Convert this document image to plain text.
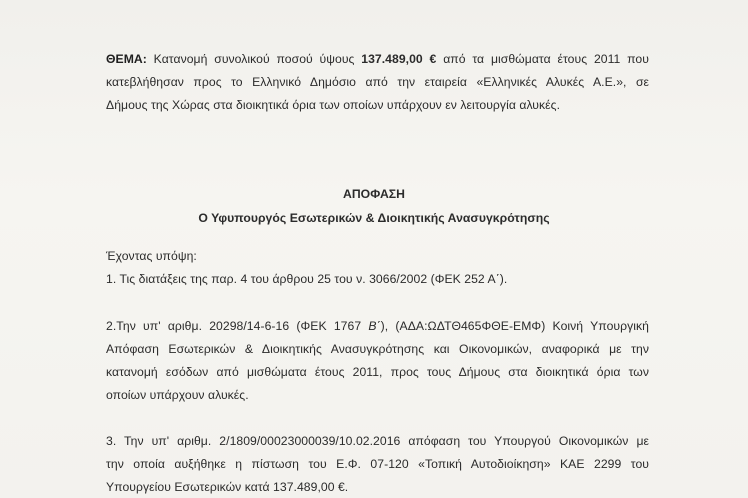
ΘΕΜΑ: Κατανομή συνολικού ποσού ύψους 137.489,00 € από τα μισθώματα έτους 2011 που
κατεβλήθησαν προς το Ελληνικό Δημόσιο από την εταιρεία «Ελληνικές Αλυκές Α.Ε.», σε
Δήμους της Χώρας στα διοικητικά όρια των οποίων υπάρχουν εν λειτουργία αλυκές.
ΑΠΟΦΑΣΗ
Ο Υφυπουργός Εσωτερικών & Διοικητικής Ανασυγκρότησης
Έχοντας υπόψη:
1. Τις διατάξεις της παρ. 4 του άρθρου 25 του ν. 3066/2002 (ΦΕΚ 252 Α΄).
2.Την υπ' αριθμ. 20298/14-6-16 (ΦΕΚ 1767 Β΄), (ΑΔΑ:ΩΔΤΘ465ΦΘΕ-ΕΜΦ) Κοινή Υπουργική
Απόφαση Εσωτερικών & Διοικητικής Ανασυγκρότησης και Οικονομικών, αναφορικά με την
κατανομή εσόδων από μισθώματα έτους 2011, προς τους Δήμους στα διοικητικά όρια των
οποίων υπάρχουν αλυκές.
3. Την υπ' αριθμ. 2/1809/00023000039/10.02.2016 απόφαση του Υπουργού Οικονομικών με
την οποία αυξήθηκε η πίστωση του Ε.Φ. 07-120 «Τοπική Αυτοδιοίκηση» ΚΑΕ 2299 του
Υπουργείου Εσωτερικών κατά 137.489,00 €.
